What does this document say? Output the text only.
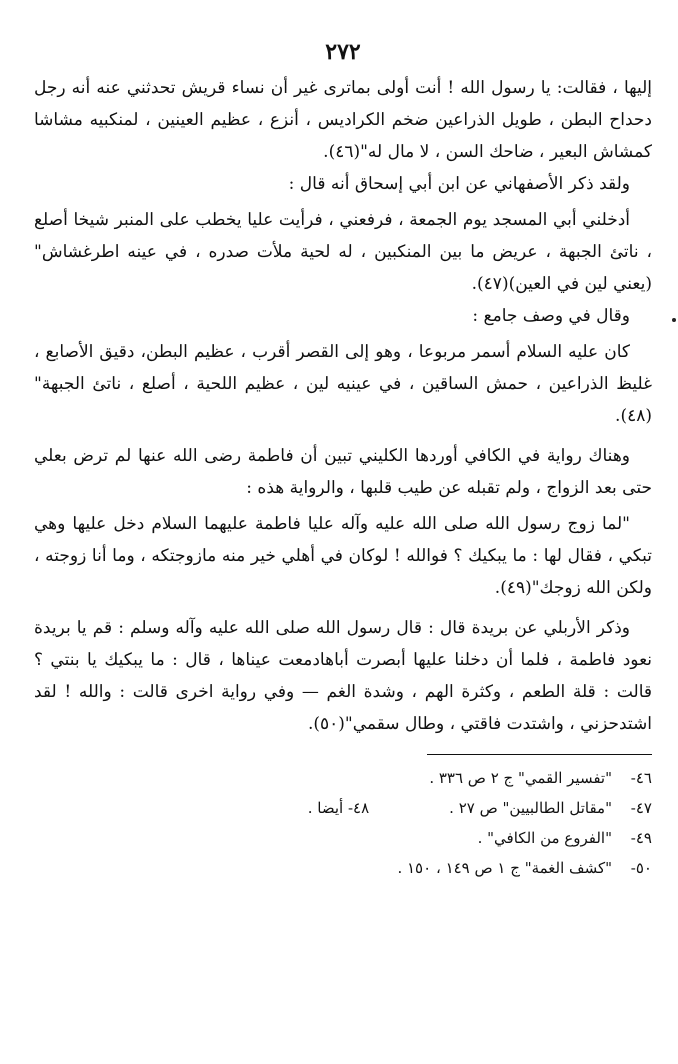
٢٧٢

إليها ، فقالت: يا رسول الله ! أنت أولى بماترى غير أن نساء قريش تحدثني عنه أنه رجل دحداح البطن ، طويل الذراعين ضخم الكراديس ، أنزع ، عظيم العينين ، لمنكبيه مشاشا كمشاش البعير ، ضاحك السن ، لا مال له"(٤٦).

ولقد ذكر الأصفهاني عن ابن أبي إسحاق أنه قال :

أدخلني أبي المسجد يوم الجمعة ، فرفعني ، فرأيت عليا يخطب على المنبر شيخا أصلع ، ناتئ الجبهة ، عريض ما بين المنكبين ، له لحية ملأت صدره ، في عينه اطرغشاش" (يعني لين في العين)(٤٧).

وقال في وصف جامع :

كان عليه السلام أسمر مربوعا ، وهو إلى القصر أقرب ، عظيم البطن، دقيق الأصابع ، غليظ الذراعين ، حمش الساقين ، في عينيه لين ، عظيم اللحية ، أصلع ، ناتئ الجبهة"(٤٨).

وهناك رواية في الكافي أوردها الكليني تبين أن فاطمة رضى الله عنها لم ترض بعلي حتى بعد الزواج ، ولم تقبله عن طيب قلبها ، والرواية هذه :

"لما زوج رسول الله صلى الله عليه وآله عليا فاطمة عليهما السلام دخل عليها وهي تبكي ، فقال لها : ما يبكيك ؟ فوالله ! لوكان في أهلي خير منه مازوجتكه ، وما أنا زوجته ، ولكن الله زوجك"(٤٩).

وذكر الأربلي عن بريدة قال : قال رسول الله صلى الله عليه وآله وسلم : قم يا بريدة نعود فاطمة ، فلما أن دخلنا عليها أبصرت أباهادمعت عيناها ، قال : ما يبكيك يا بنتي ؟ قالت : قلة الطعم ، وكثرة الهم ، وشدة الغم — وفي رواية اخرى قالت : والله ! لقد اشتدحزني ، واشتدت فاقتي ، وطال سقمي"(٥٠).

٤٦-
"تفسير القمي" ج ٢ ص ٣٣٦ .
٤٧-
"مقاتل الطالبيين" ص ٢٧ .
٤٨- أيضا .
٤٩-
"الفروع من الكافي" .
٥٠-
"كشف الغمة" ج ١ ص ١٤٩ ، ١٥٠ .
